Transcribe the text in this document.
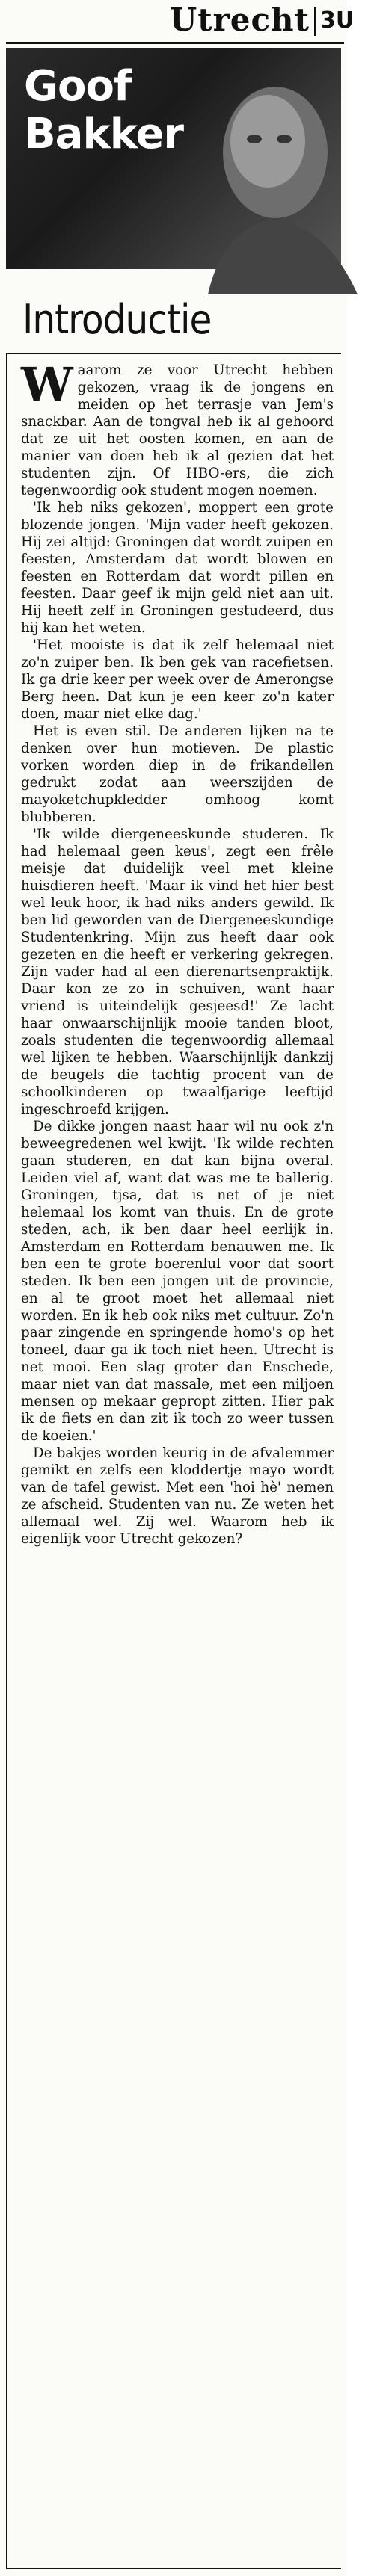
Utrecht 3U
Goof
Bakker
Introductie

Waarom ze voor Utrecht hebben gekozen, vraag ik de jongens en meiden op het terrasje van Jem's snackbar. Aan de tongval heb ik al gehoord dat ze uit het oosten komen, en aan de manier van doen heb ik al gezien dat het studenten zijn. Of HBO-ers, die zich tegenwoordig ook student mogen noemen.

'Ik heb niks gekozen', moppert een grote blozende jongen. 'Mijn vader heeft gekozen. Hij zei altijd: Groningen dat wordt zuipen en feesten, Amsterdam dat wordt blowen en feesten en Rotterdam dat wordt pillen en feesten. Daar geef ik mijn geld niet aan uit. Hij heeft zelf in Groningen gestudeerd, dus hij kan het weten.

'Het mooiste is dat ik zelf helemaal niet zo'n zuiper ben. Ik ben gek van racefietsen. Ik ga drie keer per week over de Amerongse Berg heen. Dat kun je een keer zo'n kater doen, maar niet elke dag.'

Het is even stil. De anderen lijken na te denken over hun motieven. De plastic vorken worden diep in de frikandellen gedrukt zodat aan weerszijden de mayoketchupkledder omhoog komt blubberen.

'Ik wilde diergeneeskunde studeren. Ik had helemaal geen keus', zegt een frêle meisje dat duidelijk veel met kleine huisdieren heeft. 'Maar ik vind het hier best wel leuk hoor, ik had niks anders gewild. Ik ben lid geworden van de Diergeneeskundige Studentenkring. Mijn zus heeft daar ook gezeten en die heeft er verkering gekregen. Zijn vader had al een dierenartsenpraktijk. Daar kon ze zo in schuiven, want haar vriend is uiteindelijk gesjeesd!' Ze lacht haar onwaarschijnlijk mooie tanden bloot, zoals studenten die tegenwoordig allemaal wel lijken te hebben. Waarschijnlijk dankzij de beugels die tachtig procent van de schoolkinderen op twaalfjarige leeftijd ingeschroefd krijgen.

De dikke jongen naast haar wil nu ook z'n beweegredenen wel kwijt. 'Ik wilde rechten gaan studeren, en dat kan bijna overal. Leiden viel af, want dat was me te ballerig. Groningen, tjsa, dat is net of je niet helemaal los komt van thuis. En de grote steden, ach, ik ben daar heel eerlijk in. Amsterdam en Rotterdam benauwen me. Ik ben een te grote boerenlul voor dat soort steden. Ik ben een jongen uit de provincie, en al te groot moet het allemaal niet worden. En ik heb ook niks met cultuur. Zo'n paar zingende en springende homo's op het toneel, daar ga ik toch niet heen. Utrecht is net mooi. Een slag groter dan Enschede, maar niet van dat massale, met een miljoen mensen op mekaar gepropt zitten. Hier pak ik de fiets en dan zit ik toch zo weer tussen de koeien.'

De bakjes worden keurig in de afvalemmer gemikt en zelfs een kloddertje mayo wordt van de tafel gewist. Met een 'hoi hè' nemen ze afscheid. Studenten van nu. Ze weten het allemaal wel. Zij wel. Waarom heb ik eigenlijk voor Utrecht gekozen?
